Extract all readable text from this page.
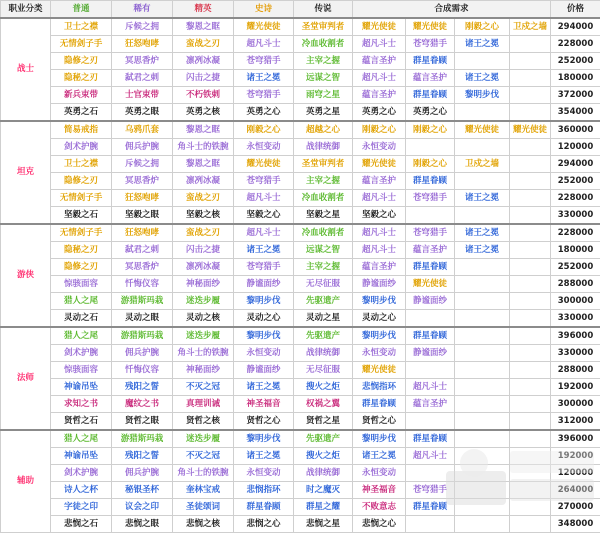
职业分类	普通	稀有	精英	史诗	传说	合成需求				价格
战士	卫士之襟	斥候之拥	黎恩之眶	耀光使徒	圣堂审判者	耀光使徒	耀光使徒	刚毅之心	卫戍之墙	294000
	无情剑子手	狂怒咆哮	蛮战之刃	超凡斗士	冷血收割者	超凡斗士	苍穹猎手	诸王之冕		228000
	隐修之刃	冥思香炉	凛冽冰凝	苍穹猎手	主宰之握	蕴言圣护	群星眷顾			252000
	隐秘之刃	弑君之刺	闪击之捷	诸王之冕	远谋之智	超凡斗士	蕴言圣护	诸王之冕		180000
	新兵束带	士官束带	不朽铁刺	苍穹猎手	雨穹之星	蕴言圣护	群星眷顾	黎明步伐		372000
	英勇之石	英勇之眼	英勇之核	英勇之心	英勇之星	英勇之心	英勇之心			354000
坦克	简易戒指	乌鸦爪套	黎恩之眶	刚毅之心	超越之心	刚毅之心	刚毅之心	耀光使徒	耀光使徒	360000
	剑术护腕	佣兵护腕	角斗士的铁腕	永恒变动	战律统御	永恒变动				120000
	卫士之襟	斥候之拥	黎恩之眶	耀光使徒	圣堂审判者	耀光使徒	刚毅之心	卫戍之墙		294000
	隐修之刃	冥思香炉	凛冽冰凝	苍穹猎手	主宰之握	蕴言圣护	群星眷顾			252000
	无情剑子手	狂怒咆哮	蛮战之刃	超凡斗士	冷血收割者	超凡斗士	苍穹猎手	诸王之冕		228000
	坚毅之石	坚毅之眼	坚毅之核	坚毅之心	坚毅之星	坚毅之心				330000
游侠	无情剑子手	狂怒咆哮	蛮战之刃	超凡斗士	冷血收割者	超凡斗士	苍穹猎手	诸王之冕		228000
	隐秘之刃	弑君之刺	闪击之捷	诸王之冕	远谋之智	超凡斗士	蕴言圣护	诸王之冕		180000
	隐修之刃	冥思香炉	凛冽冰凝	苍穹猎手	主宰之握	蕴言圣护	群星眷顾			252000
	惊骇面容	忏悔仪容	神秘面纱	静谧面纱	无尽征服	静谧面纱	耀光使徒			288000
	猎人之尾	游猎斯玛栽	迷迭步履	黎明步伐	先驱遗产	黎明步伐	静谧面纱			300000
	灵动之石	灵动之眼	灵动之核	灵动之心	灵动之星	灵动之心				330000
法师	猎人之尾	游猎斯玛栽	迷迭步履	黎明步伐	先驱遗产	黎明步伐	群星眷顾			396000
	剑术护腕	佣兵护腕	角斗士的铁腕	永恒变动	战律统御	永恒变动	静谧面纱			330000
	惊骇面容	忏悔仪容	神秘面纱	静谧面纱	无尽征服	耀光使徒				288000
	神谕吊坠	残阳之誓	不灭之冠	诸王之冕	搜火之炬	悲悯指环	超凡斗士			192000
	求知之书	魔纹之书	真理训诫	神圣福音	权祸之翼	群星眷顾	蕴言圣护			300000
	贤哲之石	贤哲之眼	贤哲之核	贤哲之心	贤哲之星	贤哲之心				312000
辅助	猎人之尾	游猎斯玛栽	迷迭步履	黎明步伐	先驱遗产	黎明步伐	群星眷顾			396000
	神谕吊坠	残阳之誓	不灭之冠	诸王之冕	搜火之炬	诸王之冕	超凡斗士			192000
	剑术护腕	佣兵护腕	角斗士的铁腕	永恒变动	战律统御	永恒变动				120000
	诗人之杯	秘银圣杯	奎林宝戒	悲悯指环	时之魔灭	神圣福音	苍穹猎手			264000
	字徒之印	议会之印	圣徒颂词	群星眷顾	群星之耀	不败意志	群星眷顾			270000
	悲悯之石	悲悯之眼	悲悯之核	悲悯之心	悲悯之星	悲悯之心				348000
